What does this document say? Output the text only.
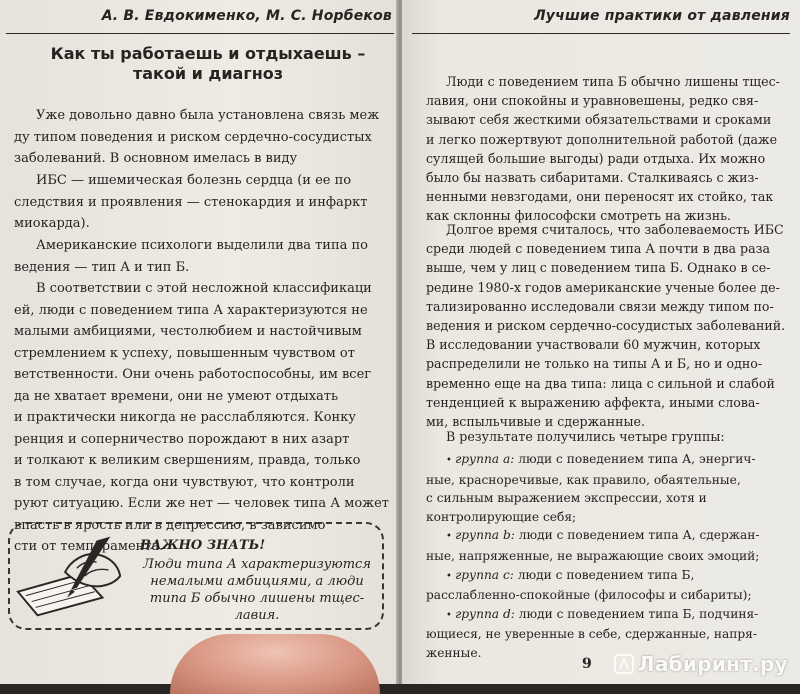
А. В. Евдокименко, М. С. Норбеков
Как ты работаешь и отдыхаешь –
такой и диагноз

Уже довольно давно была установлена связь меж
ду типом поведения и риском сердечно-сосудистых
заболеваний. В основном имелась в виду

ИБС — ишемическая болезнь сердца (и ее по
следствия и проявления — стенокардия и инфаркт
миокарда).

Американские психологи выделили два типа по
ведения — тип А и тип Б.

В соответствии с этой несложной классификаци
ей, люди с поведением типа А характеризуются не
малыми амбициями, честолюбием и настойчивым
стремлением к успеху, повышенным чувством от
ветственности. Они очень работоспособны, им всег
да не хватает времени, они не умеют отдыхать
и практически никогда не расслабляются. Конку
ренция и соперничество порождают в них азарт
и толкают к великим свершениям, правда, только
в том случае, когда они чувствуют, что контроли
руют ситуацию. Если же нет — человек типа А может
впасть в ярость или в депрессию, в зависимо
сти от темперамента.

ВАЖНО ЗНАТЬ!
Люди типа А характеризуются
немалыми амбициями, а люди
типа Б обычно лишены тщес-
лавия.
Лучшие практики от давления

Люди с поведением типа Б обычно лишены тщес-
лавия, они спокойны и уравновешены, редко свя-
зывают себя жесткими обязательствами и сроками
и легко пожертвуют дополнительной работой (даже
сулящей большие выгоды) ради отдыха. Их можно
было бы назвать сибаритами. Сталкиваясь с жиз-
ненными невзгодами, они переносят их стойко, так
как склонны философски смотреть на жизнь.

Долгое время считалось, что заболеваемость ИБС
среди людей с поведением типа А почти в два раза
выше, чем у лиц с поведением типа Б. Однако в се-
редине 1980-х годов американские ученые более де-
тализированно исследовали связи между типом по-
ведения и риском сердечно-сосудистых заболеваний.
В исследовании участвовали 60 мужчин, которых
распределили не только на типы А и Б, но и одно-
временно еще на два типа: лица с сильной и слабой
тенденцией к выражению аффекта, иными слова-
ми, вспыльчивые и сдержанные.

В результате получились четыре группы:

• группа а: люди с поведением типа А, энергич-
ные, красноречивые, как правило, обаятельные,
с сильным выражением экспрессии, хотя и
контролирующие себя;
• группа b: люди с поведением типа А, сдержан-
ные, напряженные, не выражающие своих эмоций;
• группа c: люди с поведением типа Б,
расслабленно-спокойные (философы и сибариты);
• группа d: люди с поведением типа Б, подчиня-
ющиеся, не уверенные в себе, сдержанные, напря-
женные.
9	Лабиринт.ру
